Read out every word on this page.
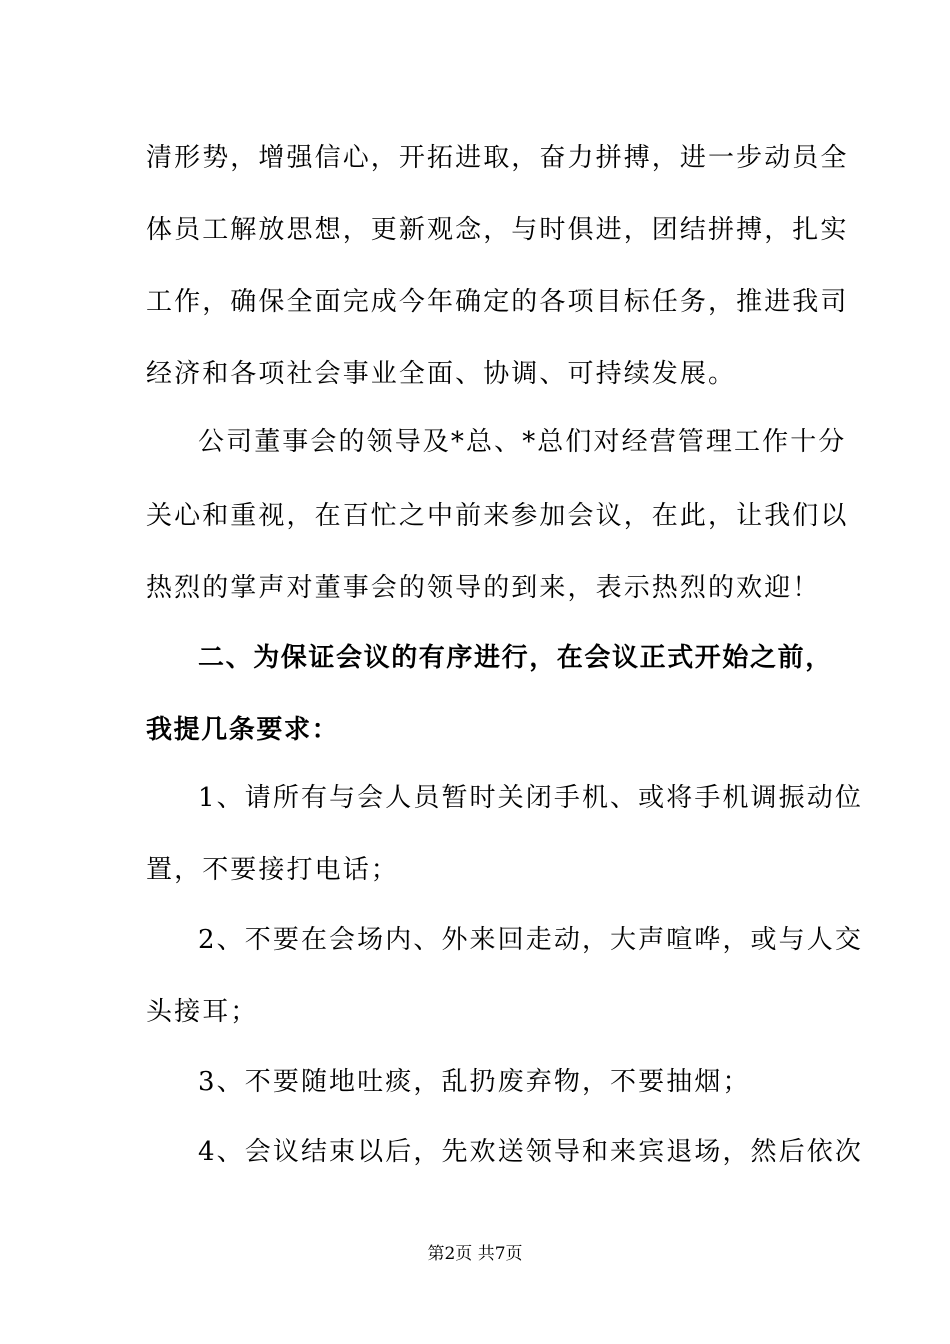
清形势，增强信心，开拓进取，奋力拼搏，进一步动员全
体员工解放思想，更新观念，与时俱进，团结拼搏，扎实
工作，确保全面完成今年确定的各项目标任务，推进我司
经济和各项社会事业全面、协调、可持续发展。
公司董事会的领导及*总、*总们对经营管理工作十分
关心和重视，在百忙之中前来参加会议，在此，让我们以
热烈的掌声对董事会的领导的到来，表示热烈的欢迎！
二、为保证会议的有序进行，在会议正式开始之前，
我提几条要求：
1、请所有与会人员暂时关闭手机、或将手机调振动位
置，不要接打电话；
2、不要在会场内、外来回走动，大声喧哗，或与人交
头接耳；
3、不要随地吐痰，乱扔废弃物，不要抽烟；
4、会议结束以后，先欢送领导和来宾退场，然后依次
第2页 共7页
